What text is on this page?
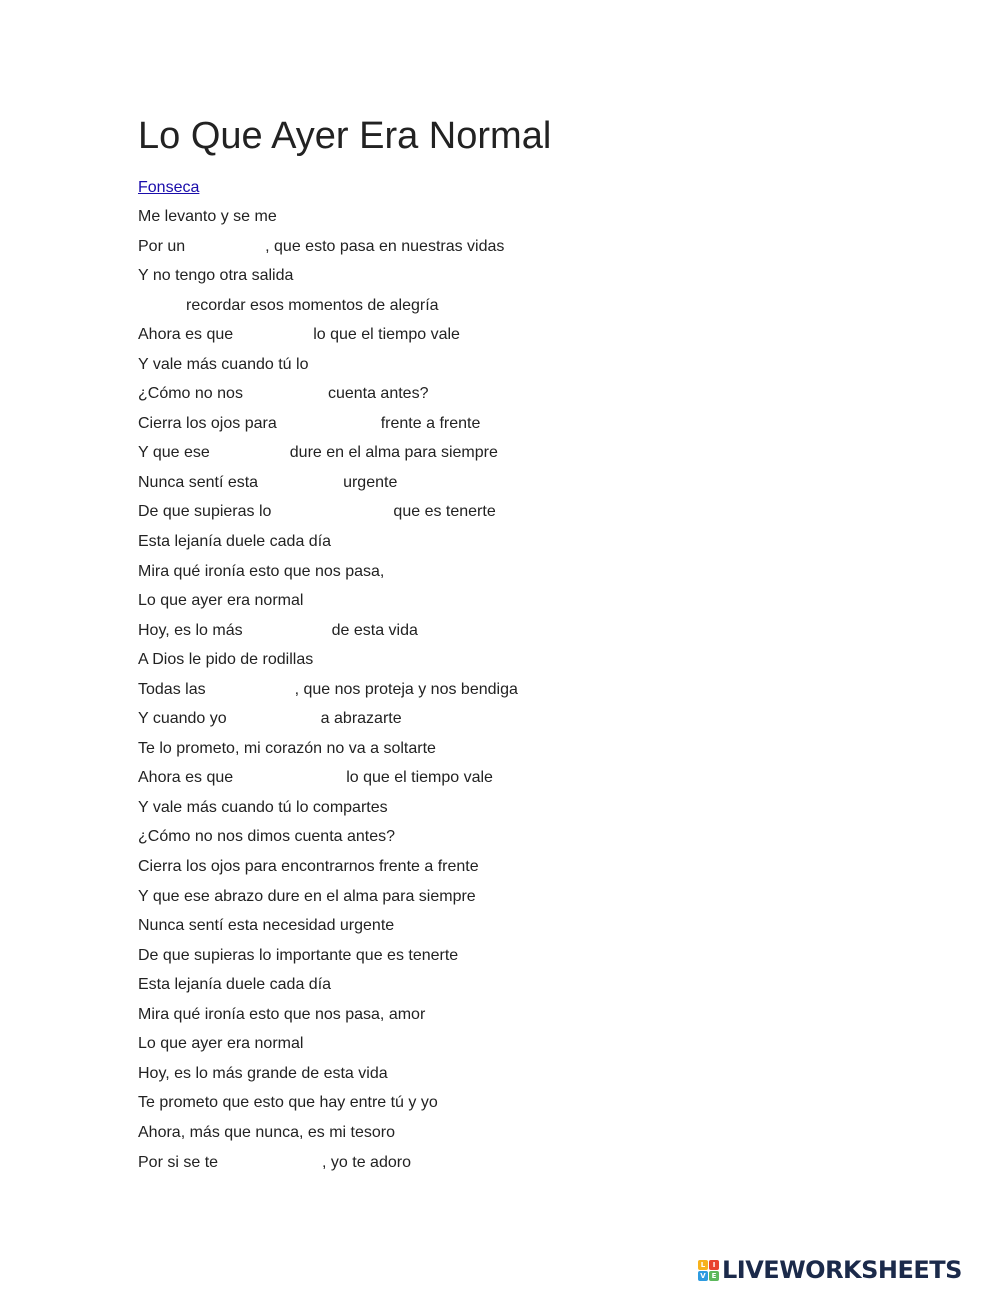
Lo Que Ayer Era Normal
Fonseca
Me levanto y se me
Por un	, que esto pasa en nuestras vidas
Y no tengo otra salida
recordar esos momentos de alegría
Ahora es que	lo que el tiempo vale
Y vale más cuando tú lo
¿Cómo no nos	cuenta antes?
Cierra los ojos para	frente a frente
Y que ese	dure en el alma para siempre
Nunca sentí esta	urgente
De que supieras lo	que es tenerte
Esta lejanía duele cada día
Mira qué ironía esto que nos pasa,
Lo que ayer era normal
Hoy, es lo más	de esta vida
A Dios le pido de rodillas
Todas las	, que nos proteja y nos bendiga
Y cuando yo	a abrazarte
Te lo prometo, mi corazón no va a soltarte
Ahora es que	lo que el tiempo vale
Y vale más cuando tú lo compartes
¿Cómo no nos dimos cuenta antes?
Cierra los ojos para encontrarnos frente a frente
Y que ese abrazo dure en el alma para siempre
Nunca sentí esta necesidad urgente
De que supieras lo importante que es tenerte
Esta lejanía duele cada día
Mira qué ironía esto que nos pasa, amor
Lo que ayer era normal
Hoy, es lo más grande de esta vida
Te prometo que esto que hay entre tú y yo
Ahora, más que nunca, es mi tesoro
Por si se te	, yo te adoro
L	I
V E LIVEWORKSHEETS
